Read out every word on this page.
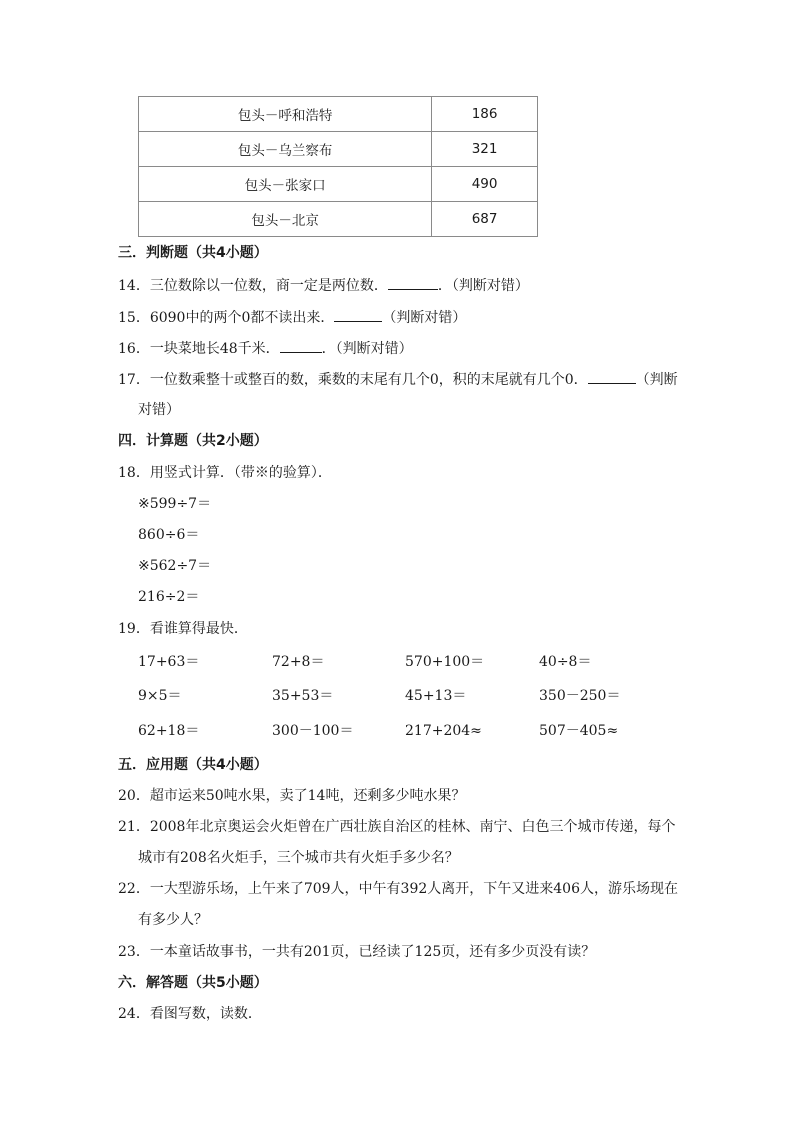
包头－呼和浩特	186
包头－乌兰察布	321
包头－张家口	490
包头－北京	687
三．判断题（共4小题）
14．三位数除以一位数，商一定是两位数．	．（判断对错）
15．6090中的两个0都不读出来．	（判断对错）
16．一块菜地长48千米．	．（判断对错）
17．一位数乘整十或整百的数，乘数的末尾有几个0，积的末尾就有几个0．	（判断
对错）
四．计算题（共2小题）
18．用竖式计算．（带※的验算）．
※599÷7＝
860÷6＝
※562÷7＝
216÷2＝
19．看谁算得最快．
17+63＝	72+8＝	570+100＝	40÷8＝
9×5＝	35+53＝	45+13＝	350－250＝
62+18＝	300－100＝	217+204≈	507－405≈
五．应用题（共4小题）
20．超市运来50吨水果，卖了14吨，还剩多少吨水果？
21．2008年北京奥运会火炬曾在广西壮族自治区的桂林、南宁、白色三个城市传递，每个
城市有208名火炬手，三个城市共有火炬手多少名？
22．一大型游乐场，上午来了709人，中午有392人离开，下午又进来406人，游乐场现在
有多少人？
23．一本童话故事书，一共有201页，已经读了125页，还有多少页没有读？
六．解答题（共5小题）
24．看图写数，读数．
